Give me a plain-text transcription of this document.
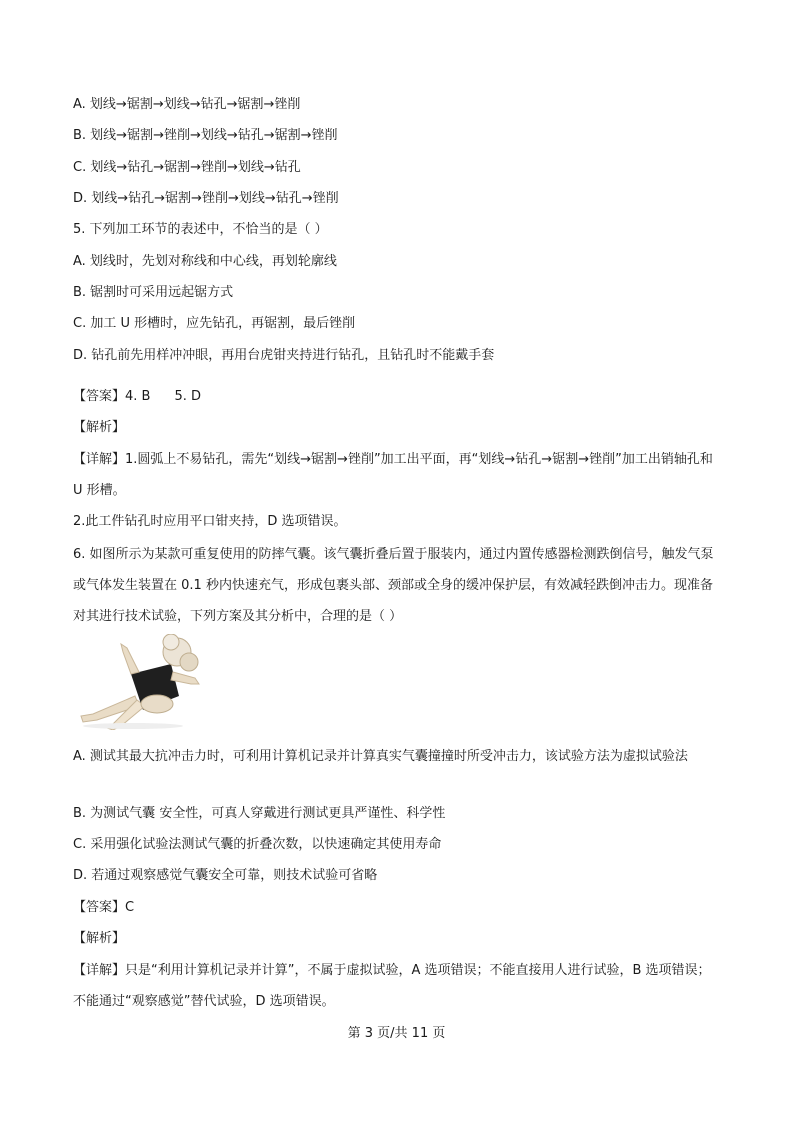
A. 划线→锯割→划线→钻孔→锯割→锉削
B. 划线→锯割→锉削→划线→钻孔→锯割→锉削
C. 划线→钻孔→锯割→锉削→划线→钻孔
D. 划线→钻孔→锯割→锉削→划线→钻孔→锉削
5. 下列加工环节的表述中，不恰当的是（ ）
A. 划线时，先划对称线和中心线，再划轮廓线
B. 锯割时可采用远起锯方式
C. 加工 U 形槽时，应先钻孔，再锯割，最后锉削
D. 钻孔前先用样冲冲眼，再用台虎钳夹持进行钻孔，且钻孔时不能戴手套
【答案】4. B 5. D
【解析】
【详解】1.圆弧上不易钻孔，需先“划线→锯割→锉削”加工出平面，再“划线→钻孔→锯割→锉削”加工出销轴孔和 U 形槽。
2.此工件钻孔时应用平口钳夹持，D 选项错误。
6. 如图所示为某款可重复使用的防摔气囊。该气囊折叠后置于服装内，通过内置传感器检测跌倒信号，触发气泵或气体发生装置在 0.1 秒内快速充气，形成包裹头部、颈部或全身的缓冲保护层，有效减轻跌倒冲击力。现准备对其进行技术试验，下列方案及其分析中，合理的是（ ）
A. 测试其最大抗冲击力时，可利用计算机记录并计算真实气囊撞撞时所受冲击力，该试验方法为虚拟试验法
B. 为测试气囊 安全性，可真人穿戴进行测试更具严谨性、科学性
C. 采用强化试验法测试气囊的折叠次数，以快速确定其使用寿命
D. 若通过观察感觉气囊安全可靠，则技术试验可省略
【答案】C
【解析】
【详解】只是“利用计算机记录并计算”，不属于虚拟试验，A 选项错误；不能直接用人进行试验，B 选项错误；不能通过“观察感觉”替代试验，D 选项错误。
第 3 页/共 11 页
